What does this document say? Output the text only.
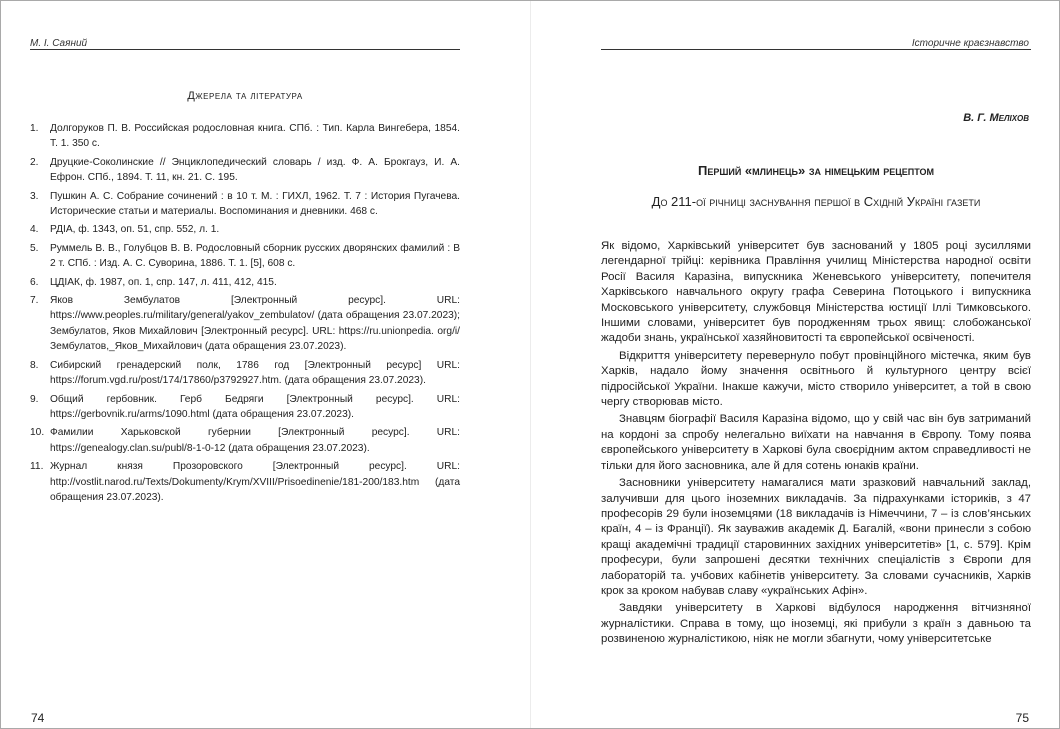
М. І. Саяний
Джерела та література
1. Долгоруков П. В. Российская родословная книга. СПб. : Тип. Карла Вингебера, 1854. Т. 1. 350 с.
2. Друцкие-Соколинские // Энциклопедический словарь / изд. Ф. А. Брокгауз, И. А. Ефрон. СПб., 1894. Т. 11, кн. 21. С. 195.
3. Пушкин А. С. Собрание сочинений : в 10 т. М. : ГИХЛ, 1962. Т. 7 : История Пугачева. Исторические статьи и материалы. Воспоминания и дневники. 468 с.
4. РДІА, ф. 1343, оп. 51, спр. 552, л. 1.
5. Руммель В. В., Голубцов В. В. Родословный сборник русских дворянских фамилий : В 2 т. СПб. : Изд. А. С. Суворина, 1886. Т. 1. [5], 608 с.
6. ЦДІАК, ф. 1987, оп. 1, спр. 147, л. 411, 412, 415.
7. Яков Зембулатов [Электронный ресурс]. URL: https://www.peoples.ru/military/general/yakov_zembulatov/ (дата обращения 23.07.2023); Зембулатов, Яков Михайлович [Электронный ресурс]. URL: https://ru.unionpedia. org/i/Зембулатов,_Яков_Михайлович (дата обращения 23.07.2023).
8. Сибирский гренадерский полк, 1786 год [Электронный ресурс] URL: https://forum.vgd.ru/post/174/17860/p3792927.htm. (дата обращения 23.07.2023).
9. Общий гербовник. Герб Бедряги [Электронный ресурс]. URL: https://gerbovnik.ru/arms/1090.html (дата обращения 23.07.2023).
10. Фамилии Харьковской губернии [Электронный ресурс]. URL: https://genealogy.clan.su/publ/8-1-0-12 (дата обращения 23.07.2023).
11. Журнал князя Прозоровского [Электронный ресурс]. URL: http://vostlit.narod.ru/Texts/Dokumenty/Krym/XVIII/Prisoedinenie/181-200/183.htm (дата обращения 23.07.2023).
74
Історичне краєзнавство
В. Г. Меліхов
Перший «млинець» за німецьким рецептом
До 211-ої річниці заснування першої в Східній Україні газети

Як відомо, Харківський університет був заснований у 1805 році зусиллями легендарної трійці: керівника Правління училищ Міністерства народної освіти Росії Василя Каразіна, випускника Женевського університету, попечителя Харківського навчального округу графа Северина Потоцького і випускника Московського університету, службовця Міністерства юстиції Іллі Тимковського. Іншими словами, університет був породженням трьох явищ: слобожанської жадоби знань, української хазяйновитості та європейської освіченості.

Відкриття університету перевернуло побут провінційного містечка, яким був Харків, надало йому значення освітнього й культурного центру всієї підросійської України. Інакше кажучи, місто створило університет, а той в свою чергу створював місто.

Знавцям біографії Василя Каразіна відомо, що у свій час він був затриманий на кордоні за спробу нелегально виїхати на навчання в Європу. Тому поява європейського університету в Харкові була своєрідним актом справедливості не тільки для його засновника, але й для сотень юнаків країни.

Засновники університету намагалися мати зразковий навчальний заклад, залучивши для цього іноземних викладачів. За підрахунками істориків, з 47 професорів 29 були іноземцями (18 викладачів із Німеччини, 7 – із слов’янських країн, 4 – із Франції). Як зауважив академік Д. Багалій, «вони принесли з собою кращі академічні традиції старовинних західних університетів» [1, с. 579]. Крім професури, були запрошені десятки технічних спеціалістів з Європи для лабораторій та. учбових кабінетів університету. За словами сучасників, Харків крок за кроком набував славу «українських Афін».

Завдяки університету в Харкові відбулося народження вітчизняної журналістики. Справа в тому, що іноземці, які прибули з країн з давньою та розвиненою журналістикою, ніяк не могли збагнути, чому університетське

75
